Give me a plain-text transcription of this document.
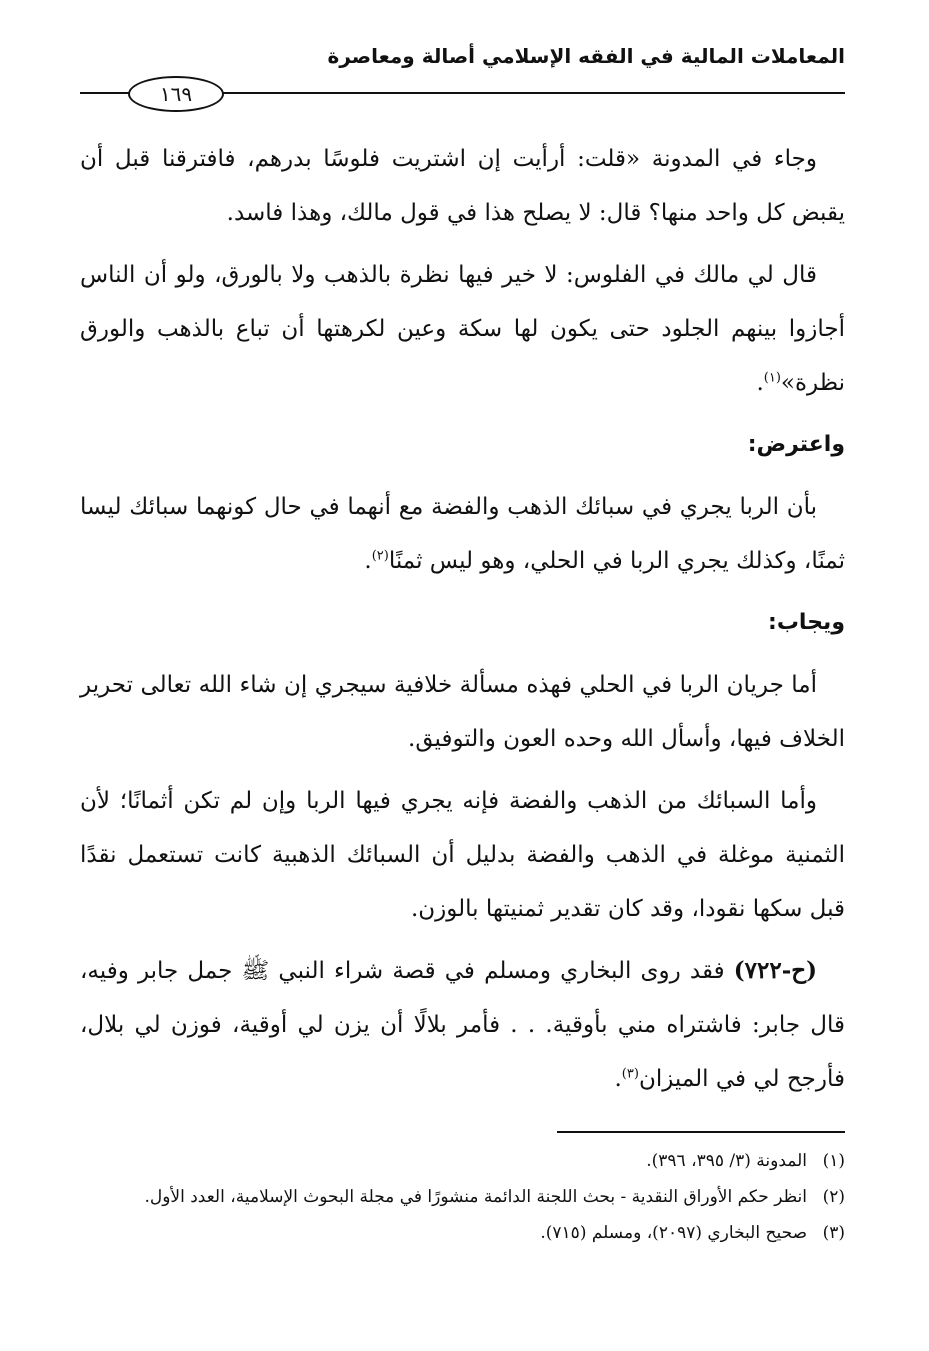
المعاملات المالية في الفقه الإسلامي أصالة ومعاصرة
١٦٩

وجاء في المدونة «قلت: أرأيت إن اشتريت فلوسًا بدرهم، فافترقنا قبل أن يقبض كل واحد منها؟ قال: لا يصلح هذا في قول مالك، وهذا فاسد.

قال لي مالك في الفلوس: لا خير فيها نظرة بالذهب ولا بالورق، ولو أن الناس أجازوا بينهم الجلود حتى يكون لها سكة وعين لكرهتها أن تباع بالذهب والورق نظرة»$^{(١)}$.

واعترض:

بأن الربا يجري في سبائك الذهب والفضة مع أنهما في حال كونهما سبائك ليسا ثمنًا، وكذلك يجري الربا في الحلي، وهو ليس ثمنًا$^{(٢)}$.

ويجاب:

أما جريان الربا في الحلي فهذه مسألة خلافية سيجري إن شاء الله تعالى تحرير الخلاف فيها، وأسأل الله وحده العون والتوفيق.

وأما السبائك من الذهب والفضة فإنه يجري فيها الربا وإن لم تكن أثمانًا؛ لأن الثمنية موغلة في الذهب والفضة بدليل أن السبائك الذهبية كانت تستعمل نقدًا قبل سكها نقودا، وقد كان تقدير ثمنيتها بالوزن.

(ح-٧٢٢) فقد روى البخاري ومسلم في قصة شراء النبي ﷺ جمل جابر وفيه، قال جابر: فاشتراه مني بأوقية. . . فأمر بلالًا أن يزن لي أوقية، فوزن لي بلال، فأرجح لي في الميزان$^{(٣)}$.

(١)المدونة (٣/ ٣٩٥، ٣٩٦).

(٢)انظر حكم الأوراق النقدية - بحث اللجنة الدائمة منشورًا في مجلة البحوث الإسلامية، العدد الأول.

(٣)صحيح البخاري (٢٠٩٧)، ومسلم (٧١٥).
